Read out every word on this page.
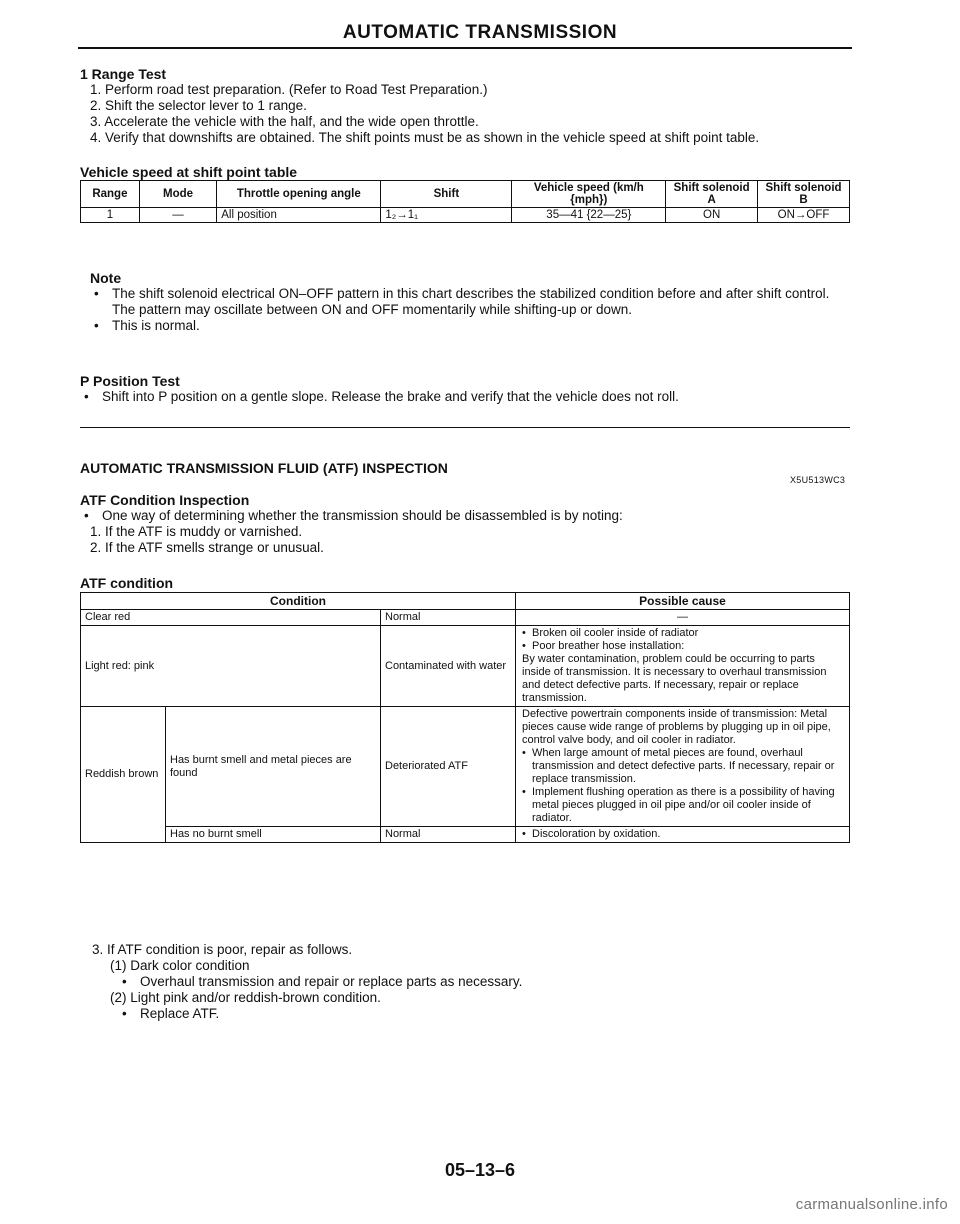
AUTOMATIC TRANSMISSION
1 Range Test
1. Perform road test preparation. (Refer to Road Test Preparation.)
2. Shift the selector lever to 1 range.
3. Accelerate the vehicle with the half, and the wide open throttle.
4. Verify that downshifts are obtained. The shift points must be as shown in the vehicle speed at shift point table.
Vehicle speed at shift point table
Range	Mode	Throttle opening angle	Shift	Vehicle speed (km/h {mph})	Shift solenoid A	Shift solenoid B
1	—	All position	1₂→1₁	35—41 {22—25}	ON	ON→OFF
Note

• The shift solenoid electrical ON–OFF pattern in this chart describes the stabilized condition before and after shift control. The pattern may oscillate between ON and OFF momentarily while shifting-up or down.

• This is normal.

P Position Test

• Shift into P position on a gentle slope. Release the brake and verify that the vehicle does not roll.

AUTOMATIC TRANSMISSION FLUID (ATF) INSPECTION
X5U513WC3
ATF Condition Inspection

• One way of determining whether the transmission should be disassembled is by noting:

1. If the ATF is muddy or varnished.
2. If the ATF smells strange or unusual.
ATF condition
Condition			Possible cause
Clear red		Normal	—
Light red: pink		Contaminated with water	• Broken oil cooler inside of radiator
• Poor breather hose installation:
By water contamination, problem could be occurring to parts inside of transmission. It is necessary to overhaul transmission and detect defective parts. If necessary, repair or replace transmission.

Reddish brown	Has burnt smell and metal pieces are found	Deteriorated ATF	Defective powertrain components inside of transmission: Metal pieces cause wide range of problems by plugging up in oil pipe, control valve body, and oil cooler in radiator.
• When large amount of metal pieces are found, overhaul transmission and detect defective parts. If necessary, repair or replace transmission.
• Implement flushing operation as there is a possibility of having metal pieces plugged in oil pipe and/or oil cooler inside of radiator.

	Has no burnt smell	Normal	• Discoloration by oxidation.
3. If ATF condition is poor, repair as follows.
(1) Dark color condition
• Overhaul transmission and repair or replace parts as necessary.
(2) Light pink and/or reddish-brown condition.
• Replace ATF.
05–13–6
carmanualsonline.info
